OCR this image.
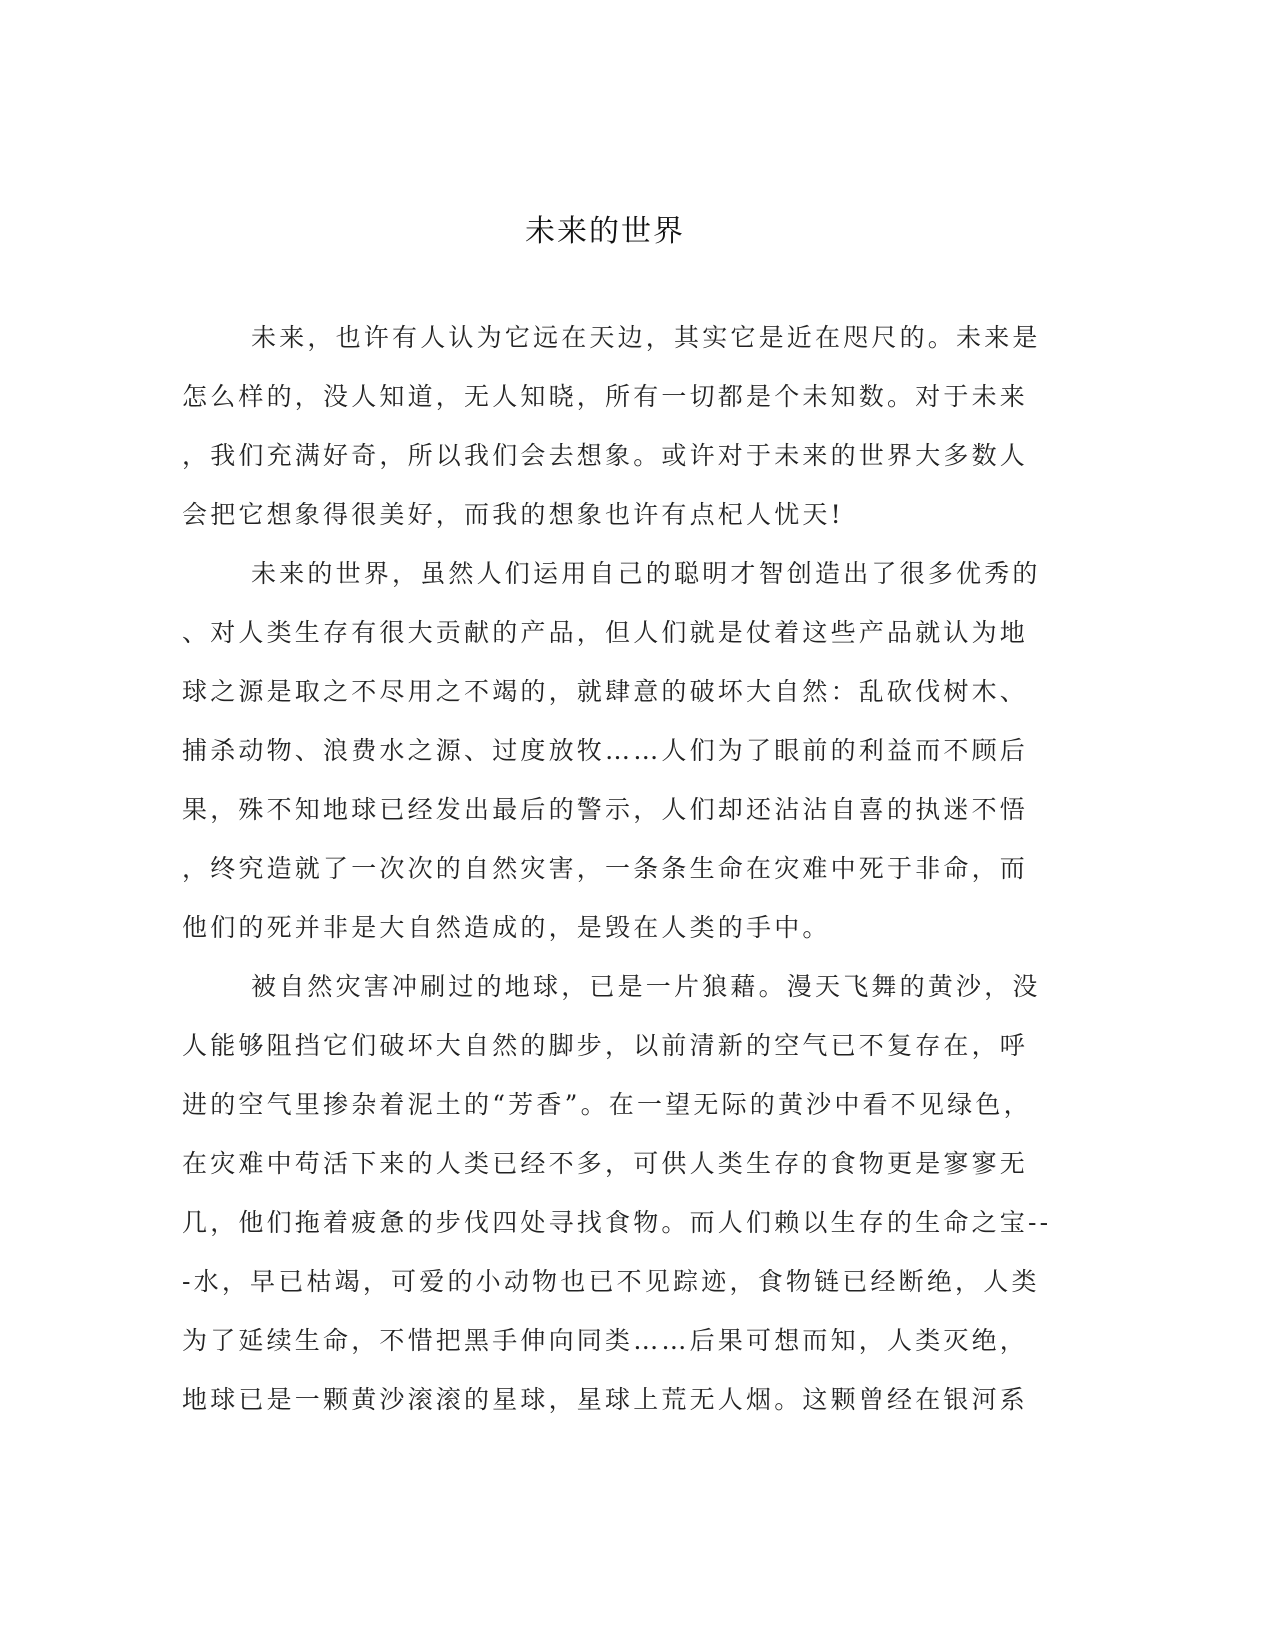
未来的世界
未来，也许有人认为它远在天边，其实它是近在咫尺的。未来是
怎么样的，没人知道，无人知晓，所有一切都是个未知数。对于未来
，我们充满好奇，所以我们会去想象。或许对于未来的世界大多数人
会把它想象得很美好，而我的想象也许有点杞人忧天!
未来的世界，虽然人们运用自己的聪明才智创造出了很多优秀的
、对人类生存有很大贡献的产品，但人们就是仗着这些产品就认为地
球之源是取之不尽用之不竭的，就肆意的破坏大自然：乱砍伐树木、
捕杀动物、浪费水之源、过度放牧……人们为了眼前的利益而不顾后
果，殊不知地球已经发出最后的警示，人们却还沾沾自喜的执迷不悟
，终究造就了一次次的自然灾害，一条条生命在灾难中死于非命，而
他们的死并非是大自然造成的，是毁在人类的手中。
被自然灾害冲刷过的地球，已是一片狼藉。漫天飞舞的黄沙，没
人能够阻挡它们破坏大自然的脚步，以前清新的空气已不复存在，呼
进的空气里掺杂着泥土的“芳香”。在一望无际的黄沙中看不见绿色，
在灾难中苟活下来的人类已经不多，可供人类生存的食物更是寥寥无
几，他们拖着疲惫的步伐四处寻找食物。而人们赖以生存的生命之宝--
-水，早已枯竭，可爱的小动物也已不见踪迹，食物链已经断绝，人类
为了延续生命，不惜把黑手伸向同类……后果可想而知，人类灭绝，
地球已是一颗黄沙滚滚的星球，星球上荒无人烟。这颗曾经在银河系
